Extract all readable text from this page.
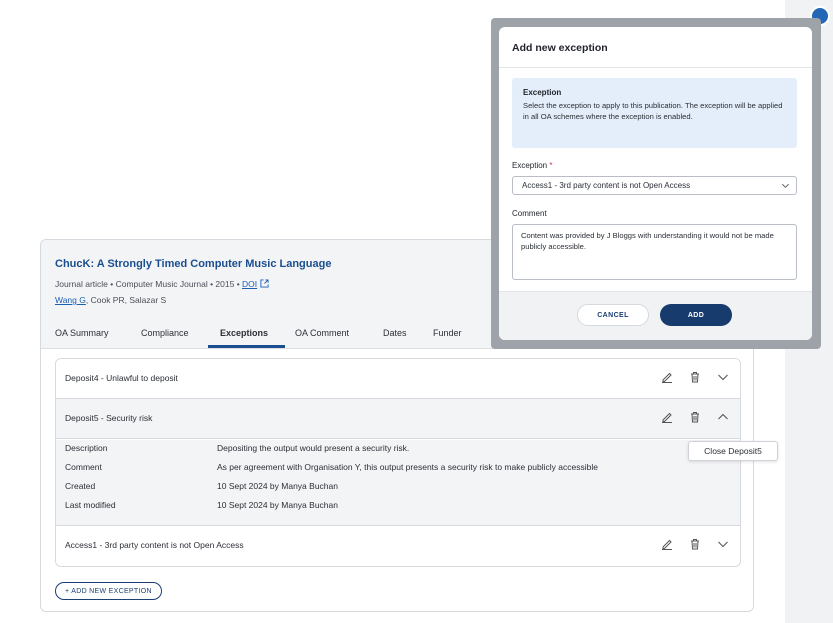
ChucK: A Strongly Timed Computer Music Language
Journal article • Computer Music Journal • 2015 • DOI
Wang G, Cook PR, Salazar S
OA Summary	Compliance	Exceptions	OA Comment	Dates	Funder
Deposit4 - Unlawful to deposit
Deposit5 - Security risk
Description	Depositing the output would present a security risk.
Comment	As per agreement with Organisation Y, this output presents a security risk to make publicly accessible
Created	10 Sept 2024 by Manya Buchan
Last modified	10 Sept 2024 by Manya Buchan
Access1 - 3rd party content is not Open Access
+ ADD NEW EXCEPTION
Close Deposit5
Add new exception
Exception
Select the exception to apply to this publication. The exception will be applied in all OA schemes where the exception is enabled.
Exception *
Access1 - 3rd party content is not Open Access
Comment
Content was provided by J Bloggs with understanding it would not be made publicly accessible.
CANCEL	ADD
